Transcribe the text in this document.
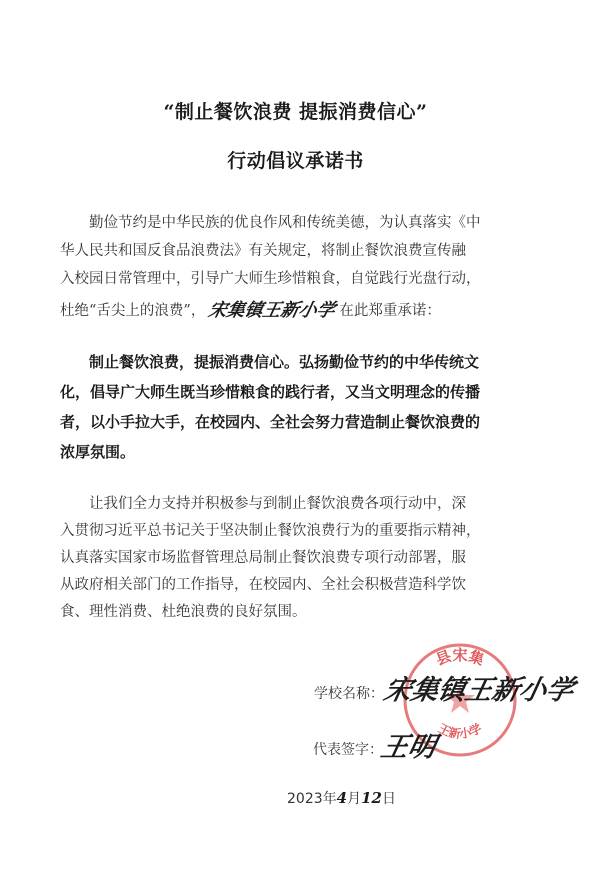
“制止餐饮浪费 提振消费信心”
行动倡议承诺书
勤俭节约是中华民族的优良作风和传统美德，为认真落实《中
华人民共和国反食品浪费法》有关规定，将制止餐饮浪费宣传融
入校园日常管理中，引导广大师生珍惜粮食，自觉践行光盘行动，
杜绝“舌尖上的浪费”，宋集镇王新小学 在此郑重承诺：
制止餐饮浪费，提振消费信心。弘扬勤俭节约的中华传统文
化，倡导广大师生既当珍惜粮食的践行者，又当文明理念的传播
者，以小手拉大手，在校园内、全社会努力营造制止餐饮浪费的
浓厚氛围。
让我们全力支持并积极参与到制止餐饮浪费各项行动中，深
入贯彻习近平总书记关于坚决制止餐饮浪费行为的重要指示精神，
认真落实国家市场监督管理总局制止餐饮浪费专项行动部署，服
从政府相关部门的工作指导，在校园内、全社会积极营造科学饮
食、理性消费、杜绝浪费的良好氛围。
县宋集
王新小学
学校名称：
宋集镇王新小学
代表签字：
王明
2023年4月12日
